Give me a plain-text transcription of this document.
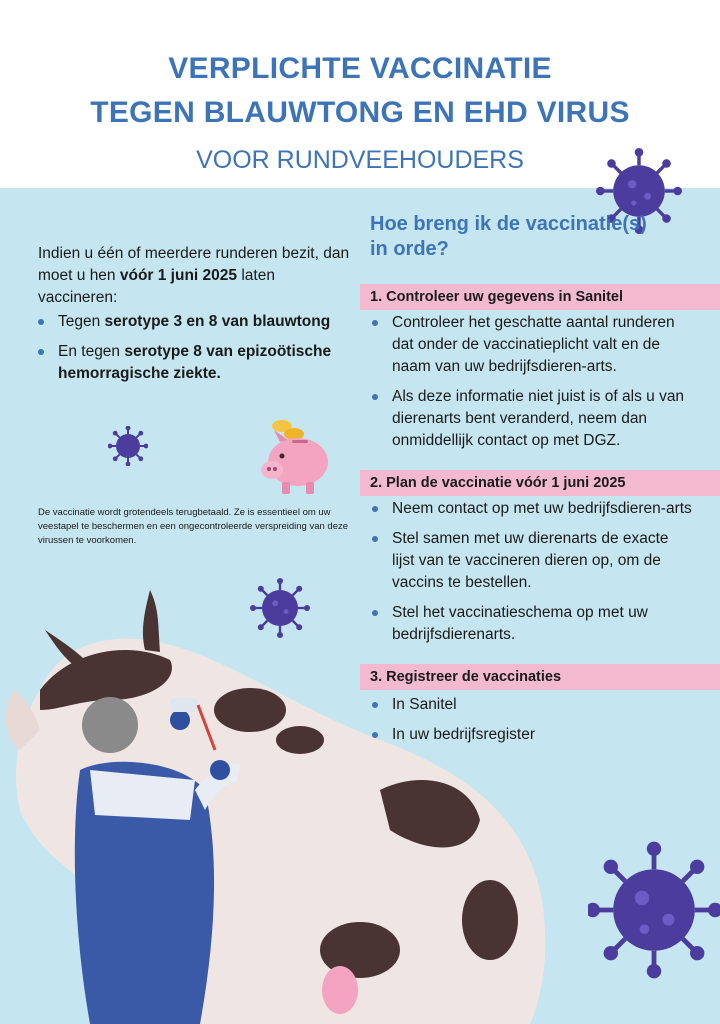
VERPLICHTE VACCINATIE
TEGEN BLAUWTONG EN EHD VIRUS
VOOR RUNDVEEHOUDERS

Indien u één of meerdere runderen bezit, dan moet u hen vóór 1 juni 2025 laten vaccineren:

Tegen serotype 3 en 8 van blauwtong
En tegen serotype 8 van epizoötische hemorragische ziekte.

De vaccinatie wordt grotendeels terugbetaald. Ze is essentieel om uw veestapel te beschermen en een ongecontroleerde verspreiding van deze virussen te voorkomen.

Hoe breng ik de vaccinatie(s) in orde?
1. Controleer uw gegevens in Sanitel
Controleer het geschatte aantal runderen dat onder de vaccinatieplicht valt en de naam van uw bedrijfsdieren-arts.
Als deze informatie niet juist is of als u van dierenarts bent veranderd, neem dan onmiddellijk contact op met DGZ.
2. Plan de vaccinatie vóór 1 juni 2025
Neem contact op met uw bedrijfsdieren-arts
Stel samen met uw dierenarts de exacte lijst van te vaccineren dieren op, om de vaccins te bestellen.
Stel het vaccinatieschema op met uw bedrijfsdierenarts.
3. Registreer de vaccinaties
In Sanitel
In uw bedrijfsregister
